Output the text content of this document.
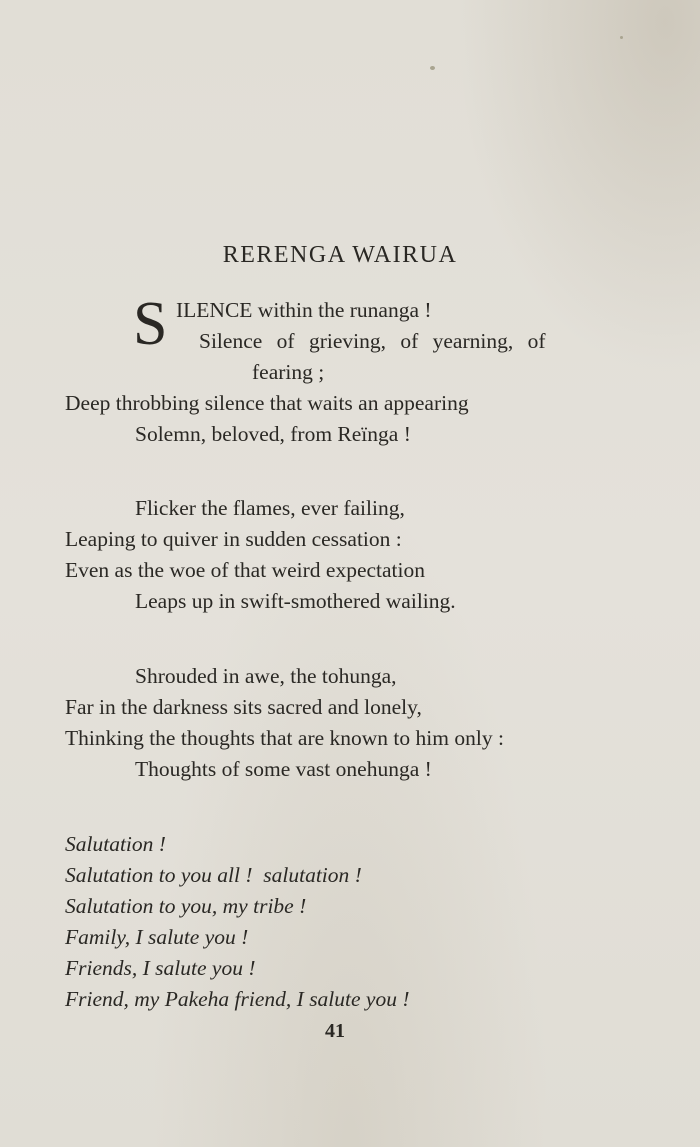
RERENGA WAIRUA
S ILENCE within the runanga !
Silence of grieving, of yearning, of
fearing ;
Deep throbbing silence that waits an appearing
Solemn, beloved, from Reïnga !
Flicker the flames, ever failing,
Leaping to quiver in sudden cessation :
Even as the woe of that weird expectation
Leaps up in swift-smothered wailing.
Shrouded in awe, the tohunga,
Far in the darkness sits sacred and lonely,
Thinking the thoughts that are known to him only :
Thoughts of some vast onehunga !
Salutation !
Salutation to you all !  salutation !
Salutation to you, my tribe !
Family, I salute you !
Friends, I salute you !
Friend, my Pakeha friend, I salute you !
41
